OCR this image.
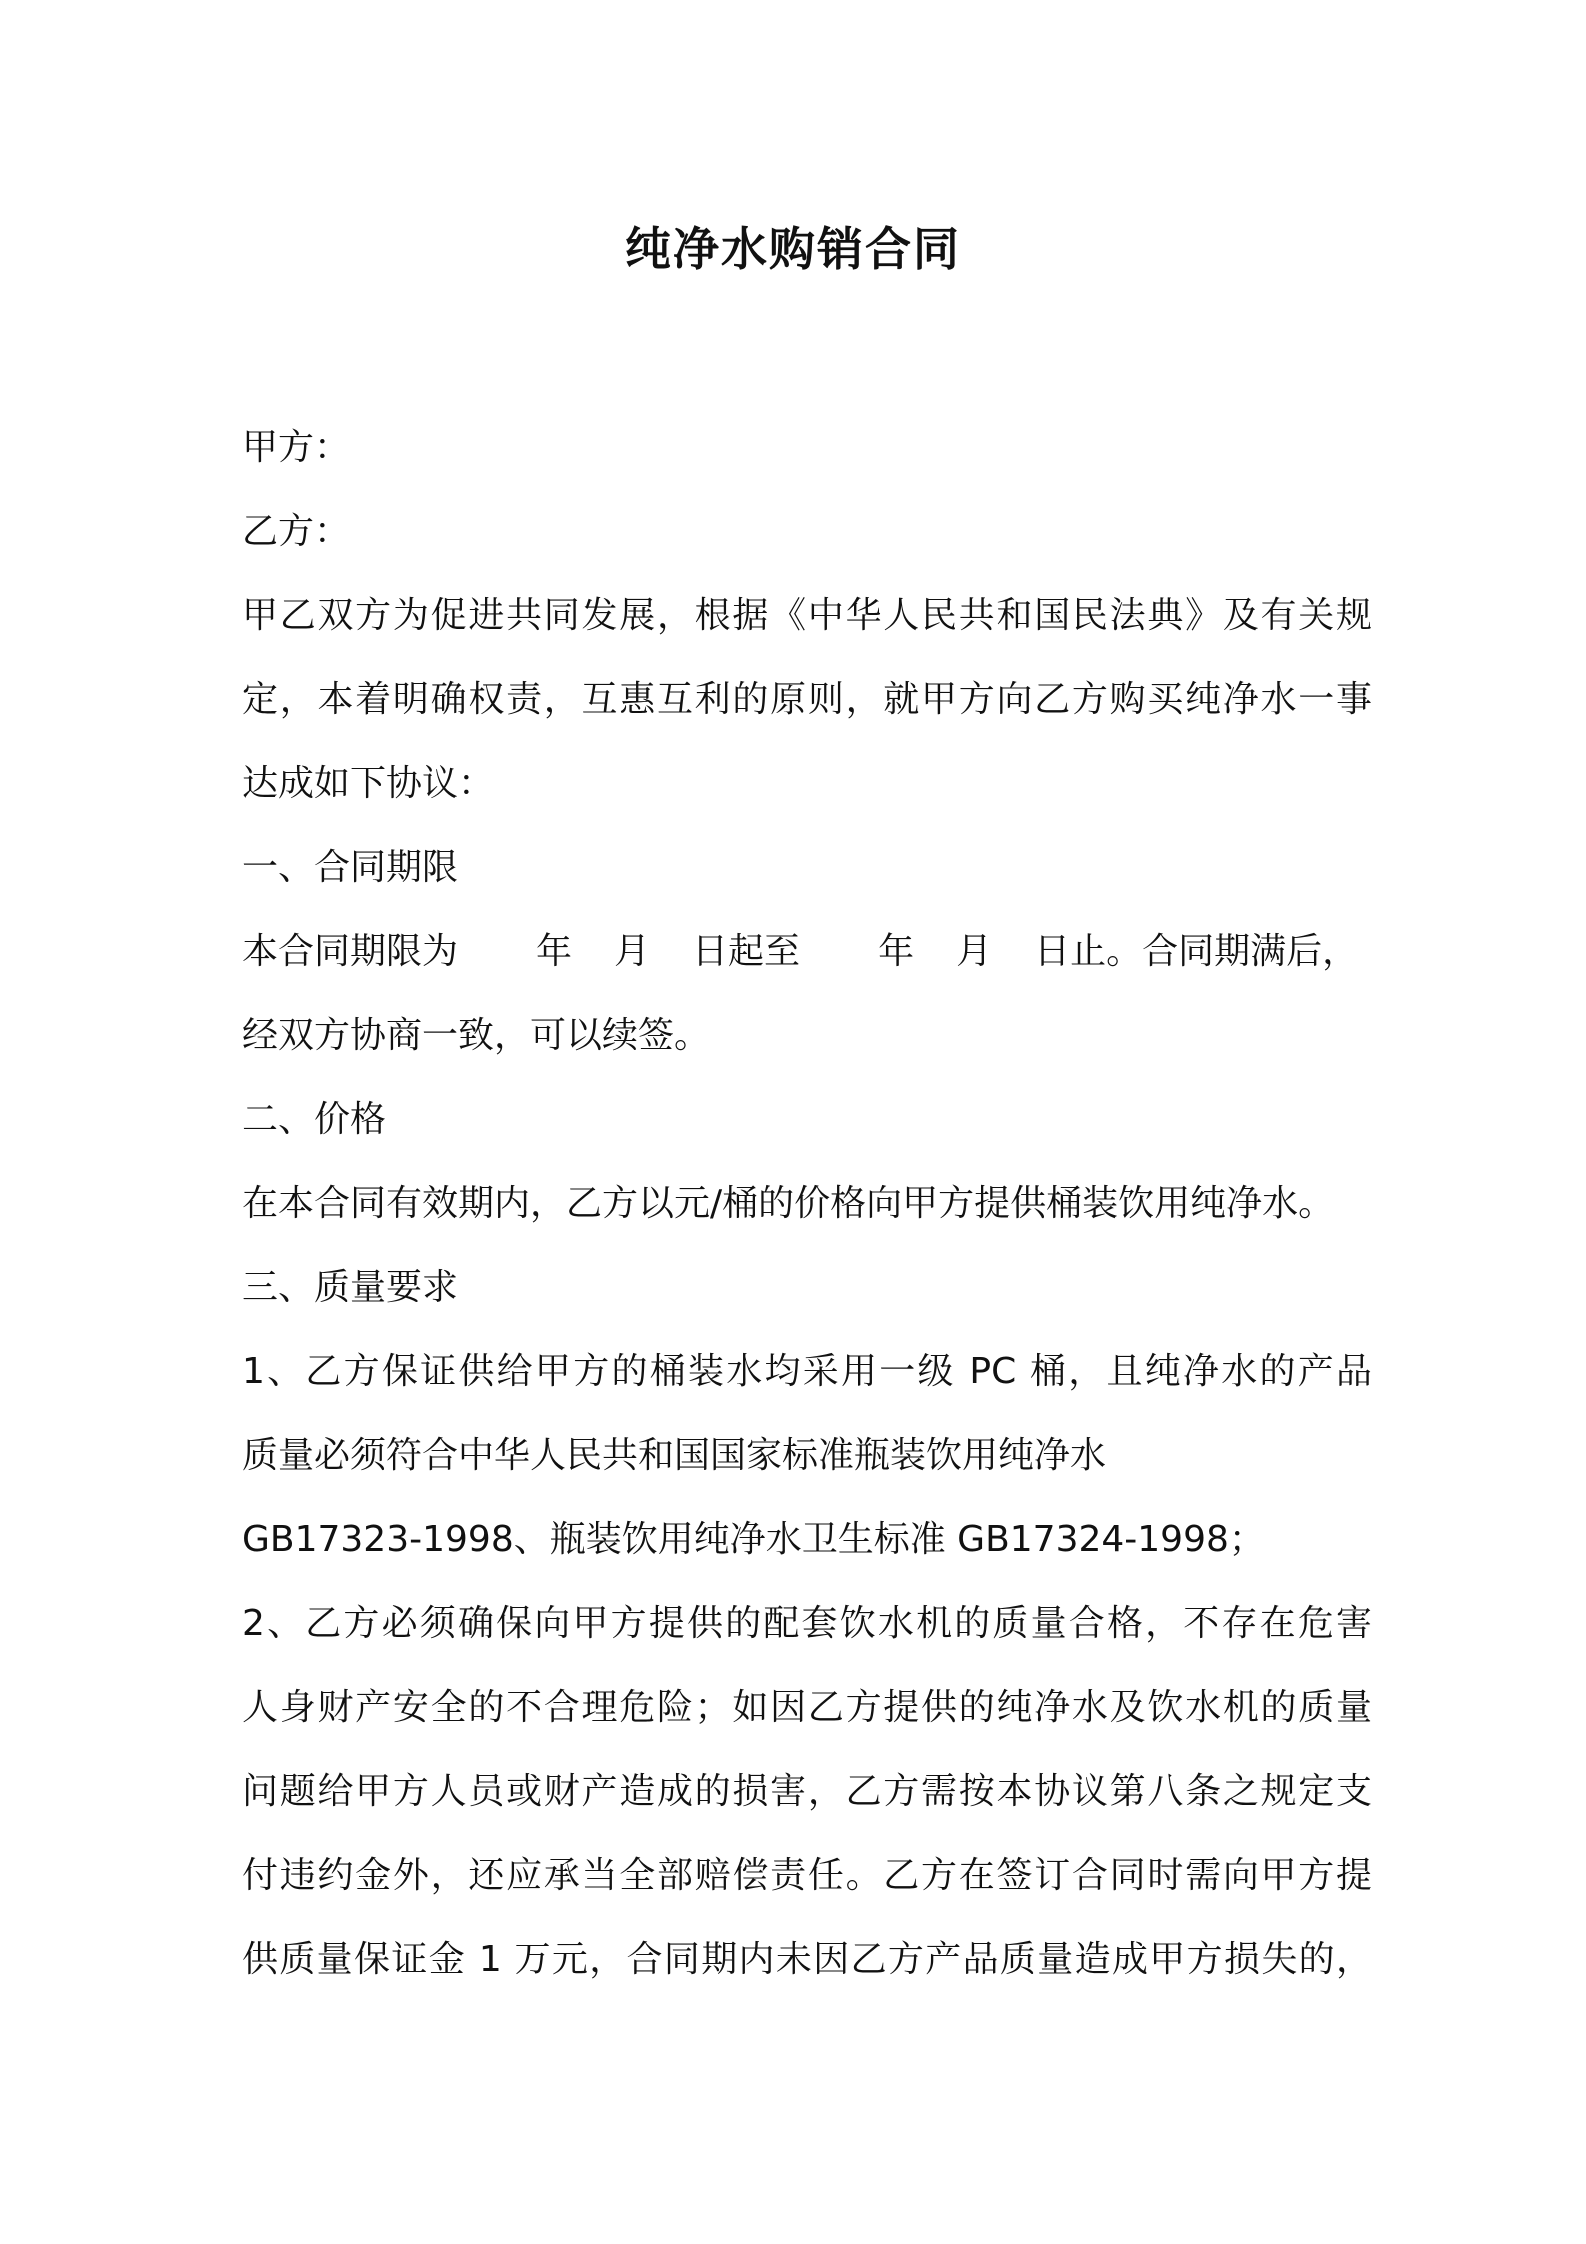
纯净水购销合同
甲方：
乙方：
甲乙双方为促进共同发展，根据《中华人民共和国民法典》及有关规
定，本着明确权责，互惠互利的原则，就甲方向乙方购买纯净水一事
达成如下协议：
一、合同期限
本合同期限为 年 月 日起至 年 月 日止。合同期满后，
经双方协商一致，可以续签。
二、价格
在本合同有效期内，乙方以元/桶的价格向甲方提供桶装饮用纯净水。
三、质量要求
1、乙方保证供给甲方的桶装水均采用一级 PC 桶，且纯净水的产品
质量必须符合中华人民共和国国家标准瓶装饮用纯净水
GB17323-1998、瓶装饮用纯净水卫生标准 GB17324-1998；
2、乙方必须确保向甲方提供的配套饮水机的质量合格，不存在危害
人身财产安全的不合理危险；如因乙方提供的纯净水及饮水机的质量
问题给甲方人员或财产造成的损害，乙方需按本协议第八条之规定支
付违约金外，还应承当全部赔偿责任。乙方在签订合同时需向甲方提
供质量保证金 1 万元，合同期内未因乙方产品质量造成甲方损失的，
